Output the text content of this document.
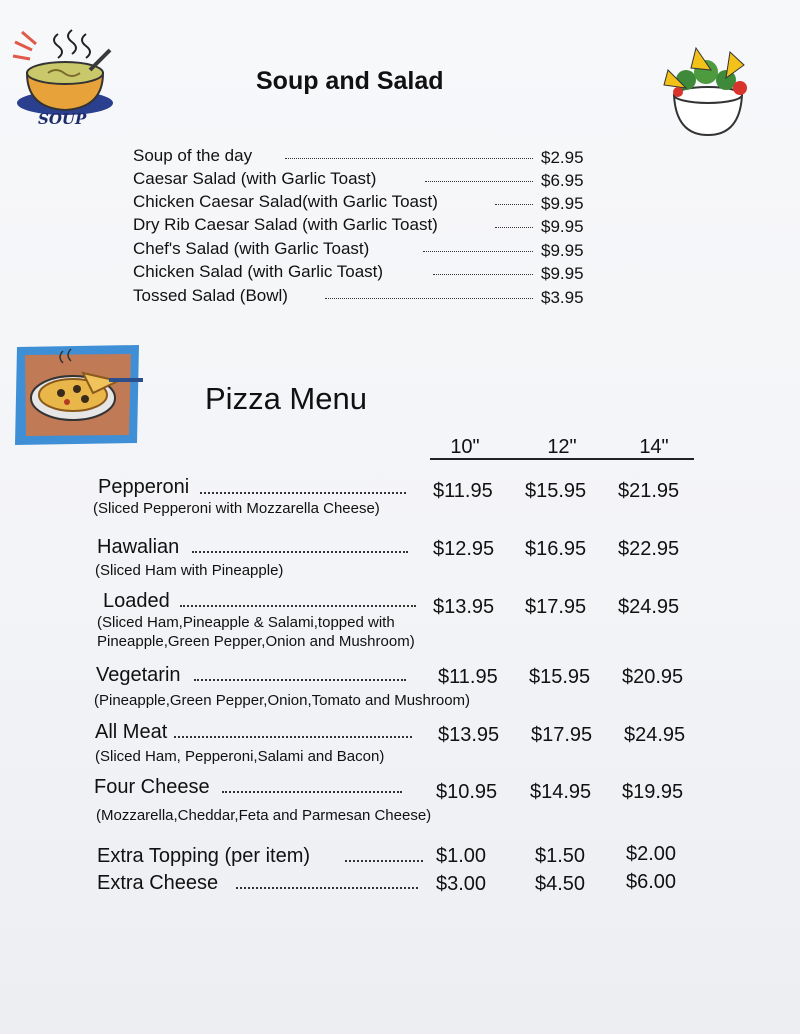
SOUP
Soup and Salad
Soup of the day	$2.95
Caesar Salad (with Garlic Toast)	$6.95
Chicken Caesar Salad(with Garlic Toast)	$9.95
Dry Rib Caesar Salad (with Garlic Toast)	$9.95
Chef's Salad (with Garlic Toast)	$9.95
Chicken Salad (with Garlic Toast)	$9.95
Tossed Salad (Bowl)	$3.95
Pizza Menu
10"	12"	14"
Pepperoni
(Sliced Pepperoni with Mozzarella Cheese)
$11.95 $15.95 $21.95
Hawalian
(Sliced Ham with Pineapple)
$12.95 $16.95 $22.95
Loaded
(Sliced Ham,Pineapple & Salami,topped with
Pineapple,Green Pepper,Onion and Mushroom)
$13.95 $17.95 $24.95
Vegetarin
(Pineapple,Green Pepper,Onion,Tomato and Mushroom)
$11.95 $15.95 $20.95
All Meat
(Sliced Ham, Pepperoni,Salami and Bacon)
$13.95 $17.95 $24.95
Four Cheese
(Mozzarella,Cheddar,Feta and Parmesan Cheese)
$10.95 $14.95 $19.95
Extra Topping (per item)	$1.00 $1.50 $2.00
Extra Cheese	$3.00 $4.50 $6.00
